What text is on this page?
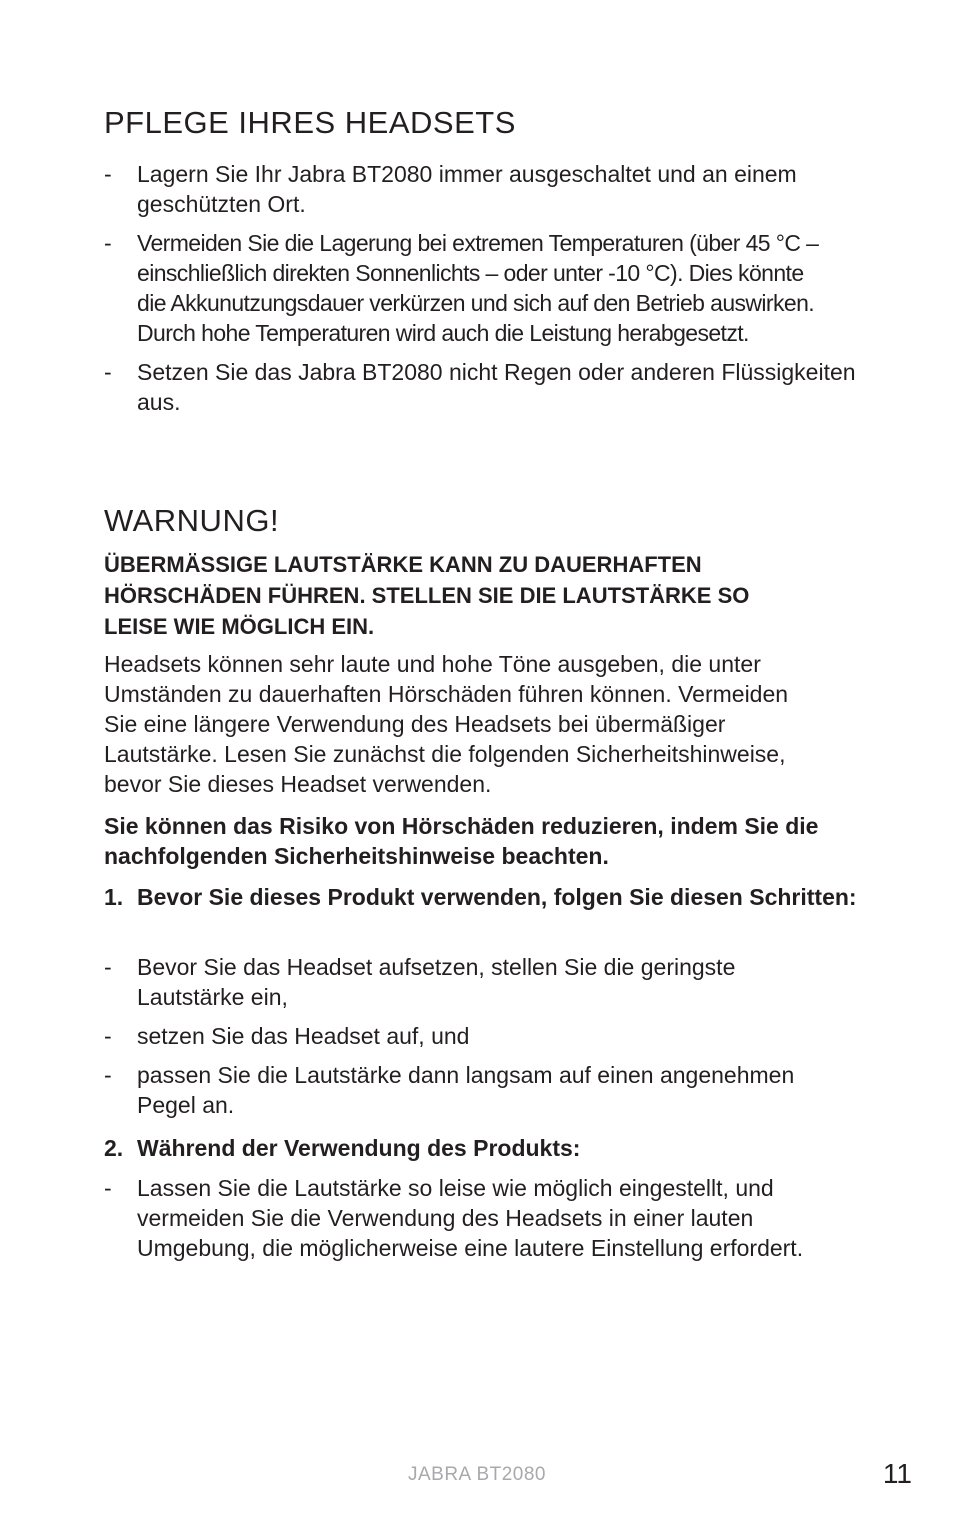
PFLEGE IHRES HEADSETS
- Lagern Sie Ihr Jabra BT2080 immer ausgeschaltet und an einem geschützten Ort.
- Vermeiden Sie die Lagerung bei extremen Temperaturen (über 45 °C – einschließlich direkten Sonnenlichts – oder unter -10 °C). Dies könnte die Akkunutzungsdauer verkürzen und sich auf den Betrieb auswirken. Durch hohe Temperaturen wird auch die Leistung herabgesetzt.
- Setzen Sie das Jabra BT2080 nicht Regen oder anderen Flüssigkeiten aus.
WARNUNG!

ÜBERMÄSSIGE LAUTSTÄRKE KANN ZU DAUERHAFTEN HÖRSCHÄDEN FÜHREN. STELLEN SIE DIE LAUTSTÄRKE SO LEISE WIE MÖGLICH EIN.

Headsets können sehr laute und hohe Töne ausgeben, die unter Umständen zu dauerhaften Hörschäden führen können. Vermeiden Sie eine längere Verwendung des Headsets bei übermäßiger Lautstärke. Lesen Sie zunächst die folgenden Sicherheitshinweise, bevor Sie dieses Headset verwenden.

Sie können das Risiko von Hörschäden reduzieren, indem Sie die nachfolgenden Sicherheitshinweise beachten.

1. Bevor Sie dieses Produkt verwenden, folgen Sie diesen Schritten:

- Bevor Sie das Headset aufsetzen, stellen Sie die geringste Lautstärke ein,
- setzen Sie das Headset auf, und
- passen Sie die Lautstärke dann langsam auf einen angenehmen Pegel an.

2. Während der Verwendung des Produkts:

- Lassen Sie die Lautstärke so leise wie möglich eingestellt, und vermeiden Sie die Verwendung des Headsets in einer lauten Umgebung, die möglicherweise eine lautere Einstellung erfordert.
JABRA BT2080	11
